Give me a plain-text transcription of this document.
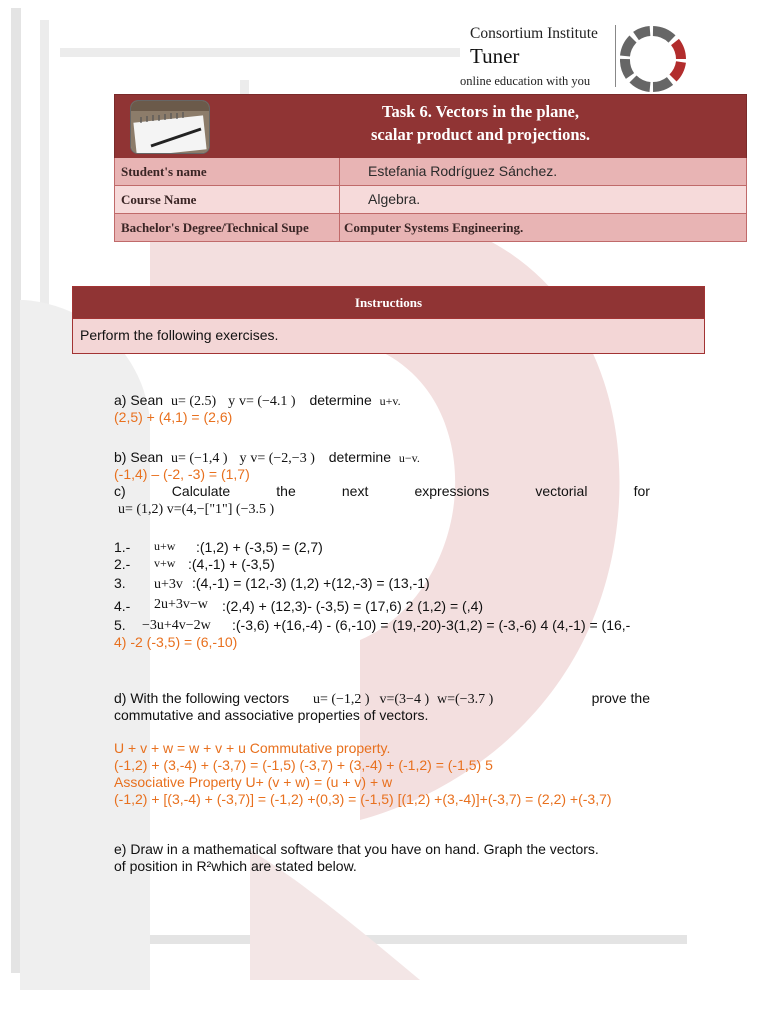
Consortium Institute
Tuner
online education with you
Task 6. Vectors in the plane,
scalar product and projections.
Student's name	Estefania Rodríguez Sánchez.
Course Name	Algebra.
Bachelor's Degree/Technical Supe	Computer Systems Engineering.
Instructions
Perform the following exercises.
a) Sean u= (2.5) y v= (−4.1 ) determine u+v.
(2,5) + (4,1) = (2,6)
b) Sean u= (−1,4 ) y v= (−2,−3 ) determine u−v.
(-1,4) – (-2, -3) = (1,7)
c)	Calculate	the	next	expressions	vectorial	for
u= (1,2) v=(4,−["1"] (−3.5 )
1.- u+w :(1,2) + (-3,5) = (2,7)
2.- v+w :(4,-1) + (-3,5)
3. u+3v :(4,-1) = (12,-3) (1,2) +(12,-3) = (13,-1)
4.- 2u+3v−w :(2,4) + (12,3)- (-3,5) = (17,6) 2 (1,2) = (,4)
5. −3u+4v−2w :(-3,6) +(16,-4) - (6,-10) = (19,-20)-3(1,2) = (-3,-6) 4 (4,-1) = (16,-
4) -2 (-3,5) = (6,-10)
d) With the following vectors u= (−1,2 ) v=(3−4 ) w=(−3.7 )	prove the
commutative and associative properties of vectors.
U + v + w = w + v + u Commutative property.
(-1,2) + (3,-4) + (-3,7) = (-1,5) (-3,7) + (3,-4) + (-1,2) = (-1,5) 5
Associative Property U+ (v + w) = (u + v) + w
(-1,2) + [(3,-4) + (-3,7)] = (-1,2) +(0,3) = (-1,5) [(1,2) +(3,-4)]+(-3,7) = (2,2) +(-3,7)
e) Draw in a mathematical software that you have on hand. Graph the vectors.
of position in R²which are stated below.
